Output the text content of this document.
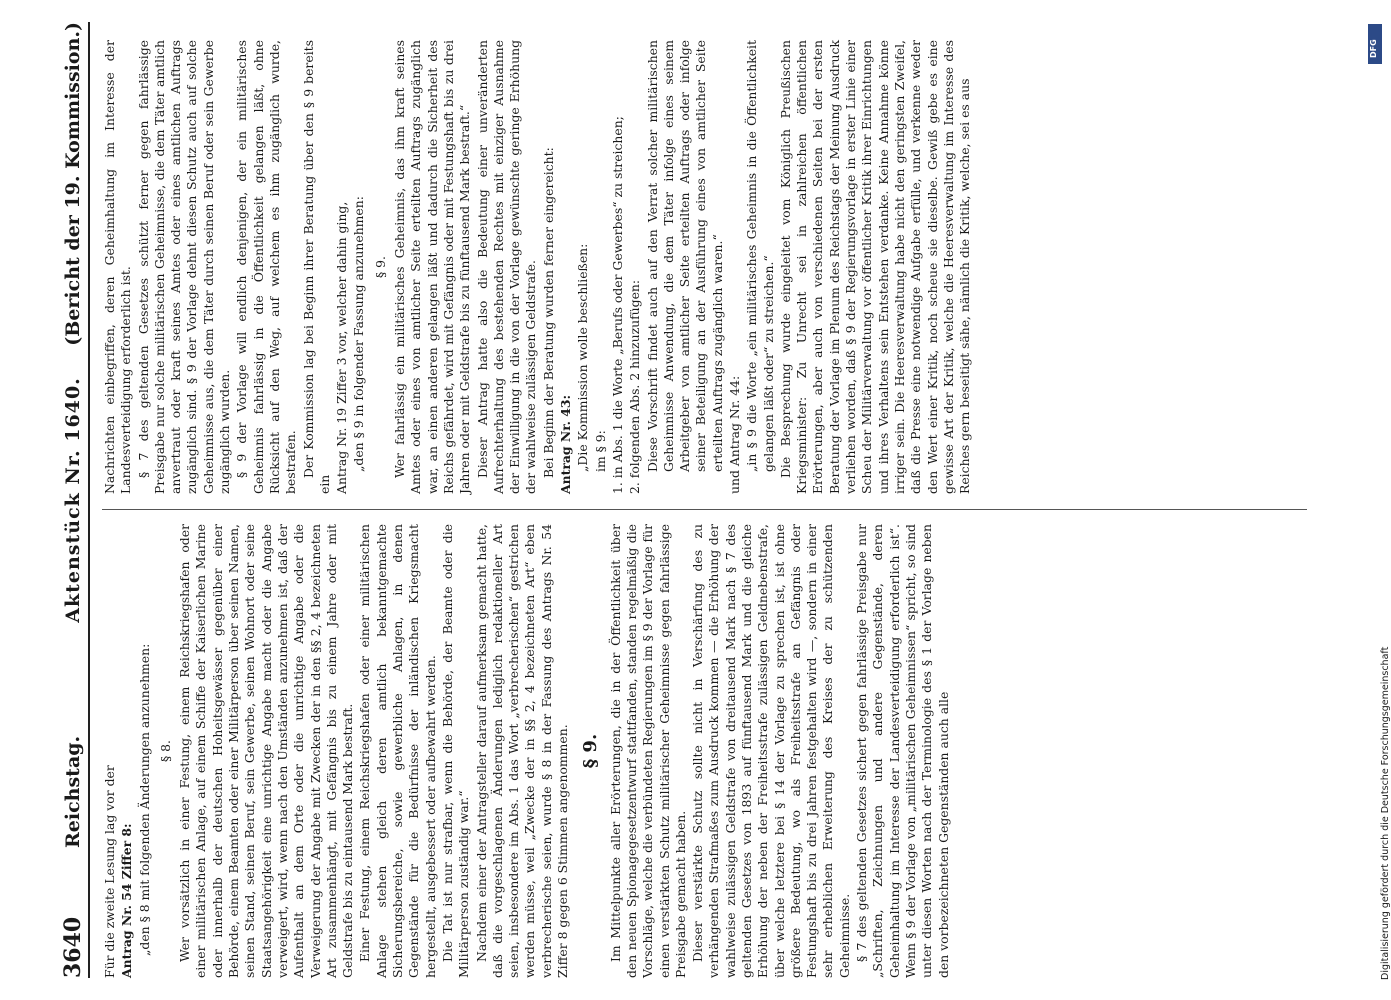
3640
Reichstag.
Aktenstück Nr. 1640.
(Bericht der 19. Kommission.)

Für die zweite Lesung lag vor der Antrag Nr. 54 Ziffer 8: „den § 8 mit folgenden Änderungen anzunehmen: § 8. Wer vorsätzlich in einer Festung, einem Reichskriegshafen oder einer militärischen Anlage, auf einem Schiffe der Kaiserlichen Marine oder innerhalb der deutschen Hoheitsgewässer gegenüber einer Behörde, einem Beamten oder einer Militärperson über seinen Namen, seinen Stand, seinen Beruf, sein Gewerbe, seinen Wohnort oder seine Staatsangehörigkeit eine unrichtige Angabe macht oder die Angabe verweigert, wird, wenn nach den Umständen anzunehmen ist, daß der Aufenthalt an dem Orte oder die unrichtige Angabe oder die Verweigerung der Angabe mit Zwecken der in den §§ 2, 4 bezeichneten Art zusammenhängt, mit Gefängnis bis zu einem Jahre oder mit Geldstrafe bis zu eintausend Mark bestraft. Einer Festung, einem Reichskriegshafen oder einer militärischen Anlage stehen gleich deren amtlich bekanntgemachte Sicherungsbereiche, sowie gewerbliche Anlagen, in denen Gegenstände für die Bedürfnisse der inländischen Kriegsmacht hergestellt, ausgebessert oder aufbewahrt werden. Die Tat ist nur strafbar, wenn die Behörde, der Beamte oder die Militärperson zuständig war.“ Nachdem einer der Antragsteller darauf aufmerksam gemacht hatte, daß die vorgeschlagenen Änderungen lediglich redaktioneller Art seien, insbesondere im Abs. 1 das Wort „verbrecherischen“ gestrichen werden müsse, weil „Zwecke der in §§ 2, 4 bezeichneten Art“ eben verbrecherische seien, wurde § 8 in der Fassung des Antrags Nr. 54 Ziffer 8 gegen 6 Stimmen angenommen. § 9. Im Mittelpunkte aller Erörterungen, die in der Öffentlichkeit über den neuen Spionagegesetzentwurf stattfanden, standen regelmäßig die Vorschläge, welche die verbündeten Regierungen im § 9 der Vorlage für einen verstärkten Schutz militärischer Geheimnisse gegen fahrlässige Preisgabe gemacht haben. Dieser verstärkte Schutz sollte nicht in Verschärfung des zu verhängenden Strafmaßes zum Ausdruck kommen — die Erhöhung der wahlweise zulässigen Geldstrafe von dreitausend Mark nach § 7 des geltenden Gesetzes von 1893 auf fünftausend Mark und die gleiche Erhöhung der neben der Freiheitsstrafe zulässigen Geldnebenstrafe, über welche letztere bei § 14 der Vorlage zu sprechen ist, ist ohne größere Bedeutung, wo als Freiheitsstrafe an Gefängnis oder Festungshaft bis zu drei Jahren festgehalten wird —, sondern in einer sehr erheblichen Erweiterung des Kreises der zu schützenden Geheimnisse. § 7 des geltenden Gesetzes sichert gegen fahrlässige Preisgabe nur „Schriften, Zeichnungen und andere Gegenstände, deren Geheimhaltung im Interesse der Landesverteidigung erforderlich ist“. Wenn § 9 der Vorlage von „militärischen Geheimnissen“ spricht, so sind unter diesen Worten nach der Terminologie des § 1 der Vorlage neben den vorbezeichneten Gegenständen auch alle

Nachrichten einbegriffen, deren Geheimhaltung im Interesse der Landesverteidigung erforderlich ist. § 7 des geltenden Gesetzes schützt ferner gegen fahrlässige Preisgabe nur solche militärischen Geheimnisse, die dem Täter amtlich anvertraut oder kraft seines Amtes oder eines amtlichen Auftrags zugänglich sind. § 9 der Vorlage dehnt diesen Schutz auch auf solche Geheimnisse aus, die dem Täter durch seinen Beruf oder sein Gewerbe zugänglich wurden. § 9 der Vorlage will endlich denjenigen, der ein militärisches Geheimnis fahrlässig in die Öffentlichkeit gelangen läßt, ohne Rücksicht auf den Weg, auf welchem es ihm zugänglich wurde, bestrafen. Der Kommission lag bei Beginn ihrer Beratung über den § 9 bereits ein Antrag Nr. 19 Ziffer 3 vor, welcher dahin ging, „den § 9 in folgender Fassung anzunehmen: § 9. Wer fahrlässig ein militärisches Geheimnis, das ihm kraft seines Amtes oder eines von amtlicher Seite erteilten Auftrags zugänglich war, an einen anderen gelangen läßt und dadurch die Sicherheit des Reichs gefährdet, wird mit Gefängnis oder mit Festungshaft bis zu drei Jahren oder mit Geldstrafe bis zu fünftausend Mark bestraft.“ Dieser Antrag hatte also die Bedeutung einer unveränderten Aufrechterhaltung des bestehenden Rechtes mit einziger Ausnahme der Einwilligung in die von der Vorlage gewünschte geringe Erhöhung der wahlweise zulässigen Geldstrafe. Bei Beginn der Beratung wurden ferner eingereicht: Antrag Nr. 43: „Die Kommission wolle beschließen: im § 9: 1. in Abs. 1 die Worte „Berufs oder Gewerbes“ zu streichen; 2. folgenden Abs. 2 hinzuzufügen: Diese Vorschrift findet auch auf den Verrat solcher militärischen Geheimnisse Anwendung, die dem Täter infolge eines seinem Arbeitgeber von amtlicher Seite erteilten Auftrags oder infolge seiner Beteiligung an der Ausführung eines von amtlicher Seite erteilten Auftrags zugänglich waren.“ und Antrag Nr. 44: „in § 9 die Worte „ein militärisches Geheimnis in die Öffentlichkeit gelangen läßt oder“ zu streichen.“ Die Besprechung wurde eingeleitet vom Königlich Preußischen Kriegsminister: Zu Unrecht sei in zahlreichen öffentlichen Erörterungen, aber auch von verschiedenen Seiten bei der ersten Beratung der Vorlage im Plenum des Reichstags der Meinung Ausdruck verliehen worden, daß § 9 der Regierungsvorlage in erster Linie einer Scheu der Militärverwaltung vor öffentlicher Kritik ihrer Einrichtungen und ihres Verhaltens sein Entstehen verdanke. Keine Annahme könne irriger sein. Die Heeresverwaltung habe nicht den geringsten Zweifel, daß die Presse eine notwendige Aufgabe erfülle, und verkenne weder den Wert einer Kritik, noch scheue sie dieselbe. Gewiß gebe es eine gewisse Art der Kritik, welche die Heeresverwaltung im Interesse des Reiches gern beseitigt sähe, nämlich die Kritik, welche, sei es aus

DFG
Digitalisierung gefördert durch die Deutsche Forschungsgemeinschaft
